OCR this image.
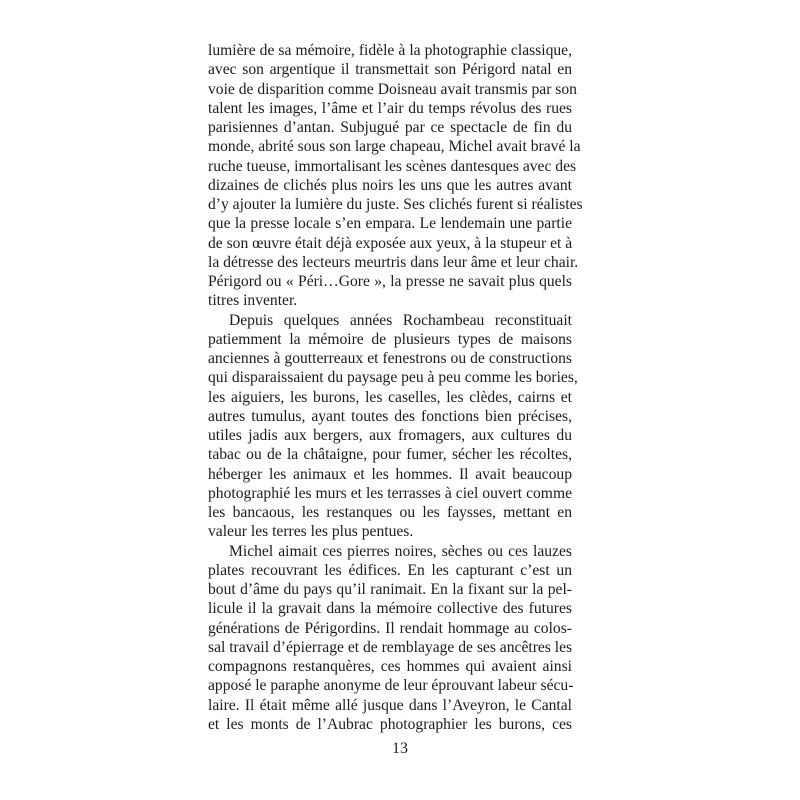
lumière de sa mémoire, fidèle à la photographie classique,
avec son argentique il transmettait son Périgord natal en
voie de disparition comme Doisneau avait transmis par son
talent les images, l’âme et l’air du temps révolus des rues
parisiennes d’antan. Subjugué par ce spectacle de fin du
monde, abrité sous son large chapeau, Michel avait bravé la
ruche tueuse, immortalisant les scènes dantesques avec des
dizaines de clichés plus noirs les uns que les autres avant
d’y ajouter la lumière du juste. Ses clichés furent si réalistes
que la presse locale s’en empara. Le lendemain une partie
de son œuvre était déjà exposée aux yeux, à la stupeur et à
la détresse des lecteurs meurtris dans leur âme et leur chair.
Périgord ou « Péri…Gore », la presse ne savait plus quels
titres inventer.
Depuis quelques années Rochambeau reconstituait
patiemment la mémoire de plusieurs types de maisons
anciennes à goutterreaux et fenestrons ou de constructions
qui disparaissaient du paysage peu à peu comme les bories,
les aiguiers, les burons, les caselles, les clèdes, cairns et
autres tumulus, ayant toutes des fonctions bien précises,
utiles jadis aux bergers, aux fromagers, aux cultures du
tabac ou de la châtaigne, pour fumer, sécher les récoltes,
héberger les animaux et les hommes. Il avait beaucoup
photographié les murs et les terrasses à ciel ouvert comme
les bancaous, les restanques ou les faysses, mettant en
valeur les terres les plus pentues.
Michel aimait ces pierres noires, sèches ou ces lauzes
plates recouvrant les édifices. En les capturant c’est un
bout d’âme du pays qu’il ranimait. En la fixant sur la pel-
licule il la gravait dans la mémoire collective des futures
générations de Périgordins. Il rendait hommage au colos-
sal travail d’épierrage et de remblayage de ses ancêtres les
compagnons restanquères, ces hommes qui avaient ainsi
apposé le paraphe anonyme de leur éprouvant labeur sécu-
laire. Il était même allé jusque dans l’Aveyron, le Cantal
et les monts de l’Aubrac photographier les burons, ces
13
